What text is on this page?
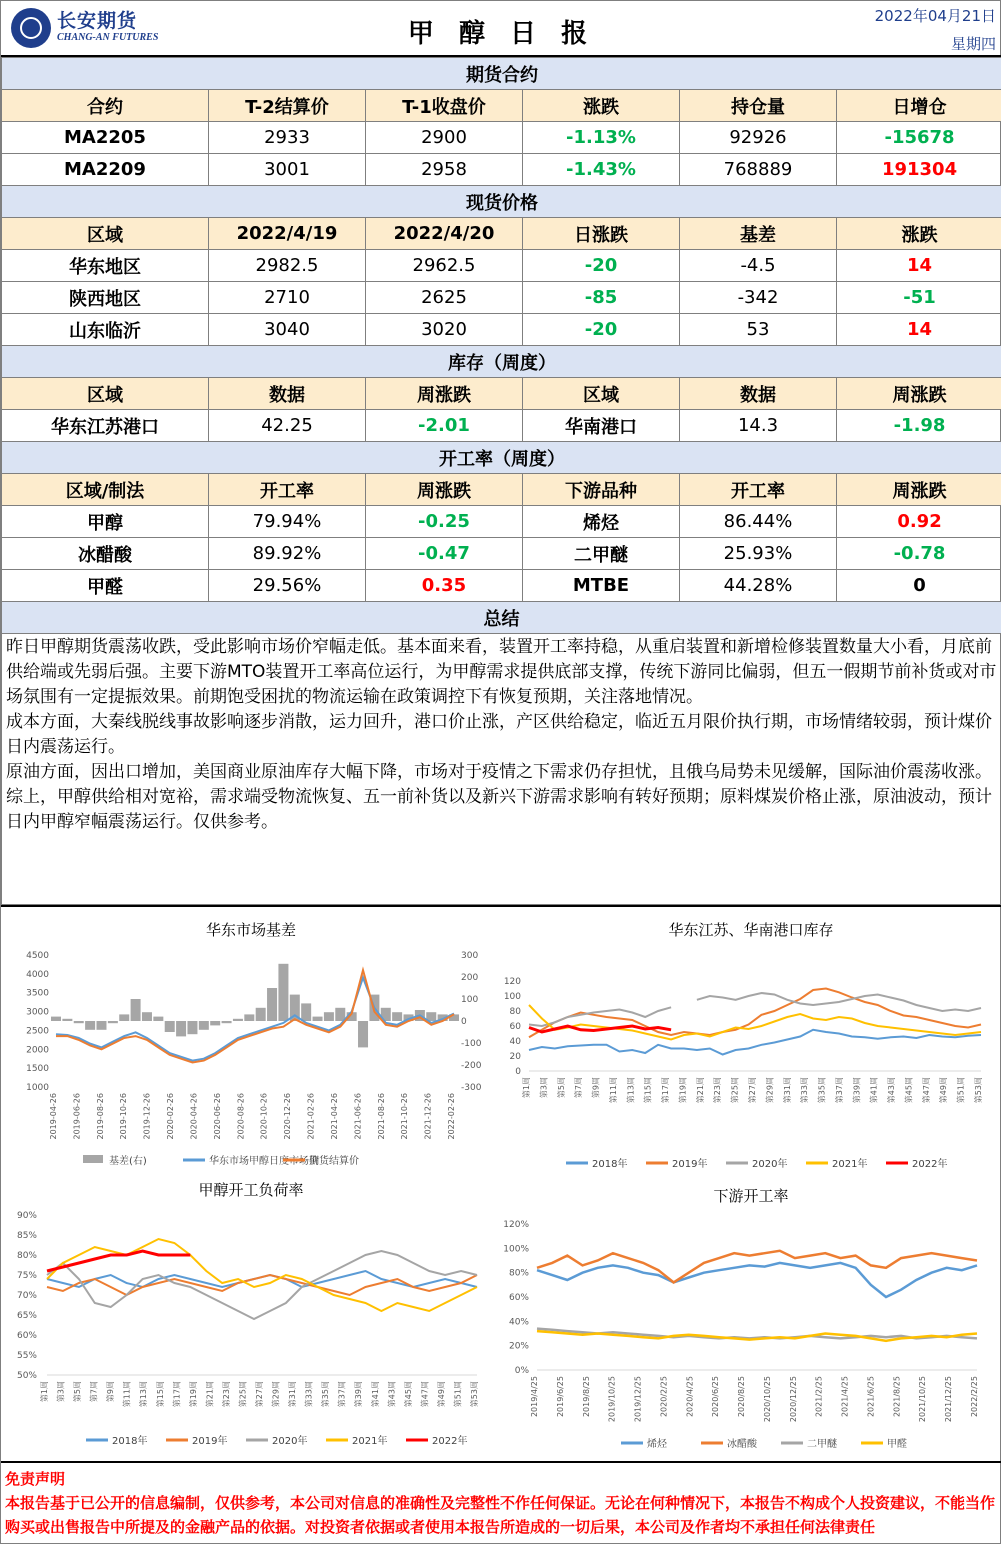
长安期货
CHANG-AN FUTURES	甲 醇 日 报
2022年04月21日
星期四
期货合约					
合约	T-2结算价	T-1收盘价	涨跌	持仓量	日增仓
MA2205	2933	2900	-1.13%	92926	-15678
MA2209	3001	2958	-1.43%	768889	191304
现货价格					
区域	2022/4/19	2022/4/20	日涨跌	基差	涨跌
华东地区	2982.5	2962.5	-20	-4.5	14
陕西地区	2710	2625	-85	-342	-51
山东临沂	3040	3020	-20	53	14
库存（周度）					
区域	数据	周涨跌	区域	数据	周涨跌
华东江苏港口	42.25	-2.01	华南港口	14.3	-1.98
开工率（周度）					
区域/制法	开工率	周涨跌	下游品种	开工率	周涨跌
甲醇	79.94%	-0.25	烯烃	86.44%	0.92
冰醋酸	89.92%	-0.47	二甲醚	25.93%	-0.78
甲醛	29.56%	0.35	MTBE	44.28%	0
总结

昨日甲醇期货震荡收跌，受此影响市场价窄幅走低。基本面来看，装置开工率持稳，从重启装置和新增检修装置数量大小看，月底前供给端或先弱后强。主要下游MTO装置开工率高位运行，为甲醇需求提供底部支撑，传统下游同比偏弱，但五一假期节前补货或对市场氛围有一定提振效果。前期饱受困扰的物流运输在政策调控下有恢复预期，关注落地情况。

成本方面，大秦线脱线事故影响逐步消散，运力回升，港口价止涨，产区供给稳定，临近五月限价执行期，市场情绪较弱，预计煤价日内震荡运行。

原油方面，因出口增加，美国商业原油库存大幅下降，市场对于疫情之下需求仍存担忧，且俄乌局势未见缓解，国际油价震荡收涨。

综上，甲醇供给相对宽裕，需求端受物流恢复、五一前补货以及新兴下游需求影响有转好预期；原料煤炭价格止涨，原油波动，预计日内甲醇窄幅震荡运行。仅供参考。

华东市场基差
4500
4000
3500
3000
2500
2000
1500
1000
300
200
100
0
-100
-200
-300
2019-04-26 2019-06-26 2019-08-26 2019-10-26 2019-12-26 2020-02-26 2020-04-26 2020-06-26 2020-08-26 2020-10-26 2020-12-26 2021-02-26 2021-04-26 2021-06-26 2021-08-26 2021-10-26 2021-12-26 2022-02-26
基差(右)	华东市场甲醇日度市场价
期货结算价
华东江苏、华南港口库存
120
100
80
60
40
20
0
第1周 第3周 第5周 第7周 第9周 第11周 第13周 第15周 第17周 第19周 第21周 第23周 第25周 第27周 第29周 第31周 第33周 第35周 第37周 第39周 第41周 第43周 第45周 第47周 第49周 第51周 第53周
2018年	2019年	2020年	2021年	2022年
甲醇开工负荷率
90%
85%
80%
75%
70%
65%
60%
55%
50%
第1周 第3周 第5周 第7周 第9周 第11周 第13周 第15周 第17周 第19周 第21周 第23周 第25周 第27周 第29周 第31周 第33周 第35周 第37周 第39周 第41周 第43周 第45周 第47周 第49周 第51周 第53周
2018年	2019年	2020年	2021年	2022年
下游开工率
120%
100%
80%
60%
40%
20%
0%
2019/4/25 2019/6/25 2019/8/25 2019/10/25 2019/12/25 2020/2/25 2020/4/25 2020/6/25 2020/8/25 2020/10/25 2020/12/25 2021/2/25 2021/4/25 2021/6/25 2021/8/25 2021/10/25 2021/12/25 2022/2/25
烯烃	冰醋酸	二甲醚	甲醛
免责声明
本报告基于已公开的信息编制，仅供参考，本公司对信息的准确性及完整性不作任何保证。无论在何种情况下，本报告不构成个人投资建议，不能当作购买或出售报告中所提及的金融产品的依据。对投资者依据或者使用本报告所造成的一切后果，本公司及作者均不承担任何法律责任
